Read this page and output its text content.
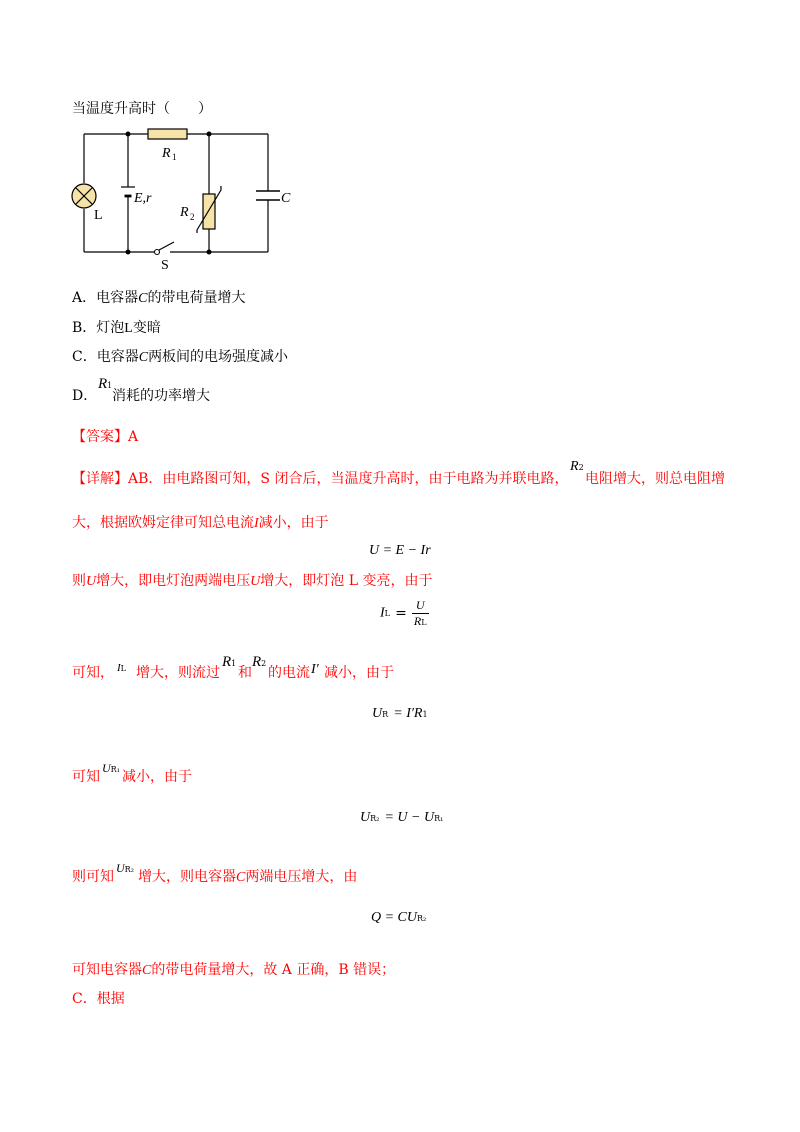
当温度升高时（　　）
R 1
L
E,r
R 2
C
S
A．电容器C的带电荷量增大
B．灯泡L变暗
C．电容器C两板间的电场强度减小
D．
R1
消耗的功率增大
【答案】A
【详解】AB．由电路图可知，S 闭合后，当温度升高时，由于电路为并联电路，
R2
电阻增大，则总电阻增
大，根据欧姆定律可知总电流I减小，由于
U = E − Ir
则U增大，即电灯泡两端电压U增大，即灯泡 L 变亮，由于
IL = $\frac{U}{RL}$
可知， IL 增大，则流过
R1
和
R2
的电流 I′ 减小，由于
UR = I′R1
可知
UR₁ 减小，由于
UR₂ = U − UR₁
则可知
UR₂ 增大，则电容器C两端电压增大，由
Q = CUR₂
可知电容器C的带电荷量增大，故 A 正确，B 错误；
C．根据
